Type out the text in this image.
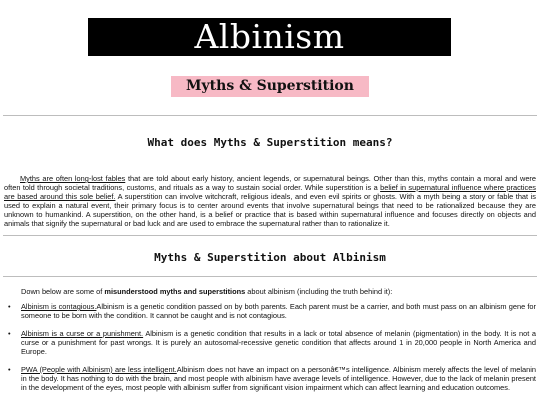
Albinism
Myths & Superstition
What does Myths & Superstition means?
Myths are often long-lost fables that are told about early history, ancient legends, or supernatural beings. Other than this, myths contain a moral and were often told through societal traditions, customs, and rituals as a way to sustain social order. While superstition is a belief in supernatural influence where practices are based around this sole belief. A superstition can involve witchcraft, religious ideals, and even evil spirits or ghosts. With a myth being a story or fable that is used to explain a natural event, their primary focus is to center around events that involve supernatural beings that need to be rationalized because they are unknown to humankind. A superstition, on the other hand, is a belief or practice that is based within supernatural influence and focuses directly on objects and animals that signify the supernatural or bad luck and are used to embrace the supernatural rather than to rationalize it.
Myths & Superstition about Albinism
Down below are some of misunderstood myths and superstitions about albinism (including the truth behind it):
• Albinism is contagious.Albinism is a genetic condition passed on by both parents. Each parent must be a carrier, and both must pass on an albinism gene for someone to be born with the condition. It cannot be caught and is not contagious.
• Albinism is a curse or a punishment. Albinism is a genetic condition that results in a lack or total absence of melanin (pigmentation) in the body. It is not a curse or a punishment for past wrongs. It is purely an autosomal-recessive genetic condition that affects around 1 in 20,000 people in North America and Europe.
• PWA (People with Albinism) are less intelligent.Albinism does not have an impact on a personâ€™s intelligence. Albinism merely affects the level of melanin in the body. It has nothing to do with the brain, and most people with albinism have average levels of intelligence. However, due to the lack of melanin present in the development of the eyes, most people with albinism suffer from significant vision impairment which can affect learning and education outcomes.
